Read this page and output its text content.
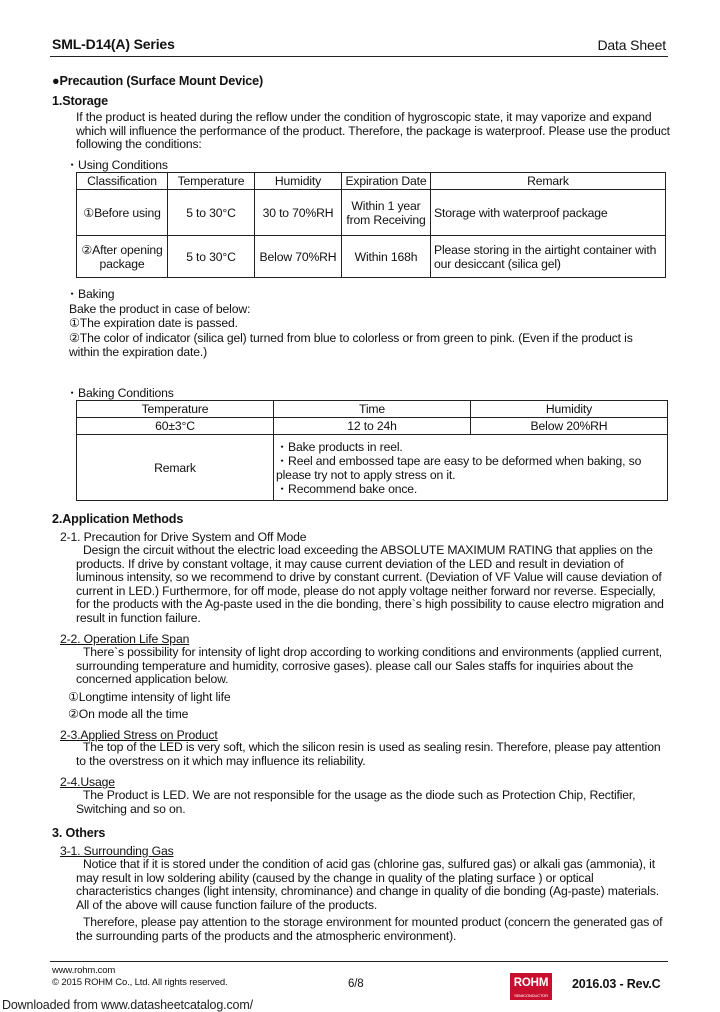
SML-D14(A) Series	Data Sheet
●Precaution (Surface Mount Device)
1.Storage
If the product is heated during the reflow under the condition of hygroscopic state, it may vaporize and expand which will influence the performance of the product. Therefore, the package is waterproof. Please use the product following the conditions:
・Using Conditions
Classification	Temperature	Humidity	Expiration Date	Remark
①Before using	5 to 30°C	30 to 70%RH	Within 1 year from Receiving	Storage with waterproof package
②After opening package	5 to 30°C	Below 70%RH	Within 168h	Please storing in the airtight container with our desiccant (silica gel)
・Baking
Bake the product in case of below:
①The expiration date is passed.
②The color of indicator (silica gel) turned from blue to colorless or from green to pink. (Even if the product is within the expiration date.)
・Baking Conditions
Temperature	Time	Humidity
60±3°C	12 to 24h	Below 20%RH
Remark	・Bake products in reel.
・Reel and embossed tape are easy to be deformed when baking, so please try not to apply stress on it.
・Recommend bake once.	
2.Application Methods
2-1. Precaution for Drive System and Off Mode
Design the circuit without the electric load exceeding the ABSOLUTE MAXIMUM RATING that applies on the products. If drive by constant voltage, it may cause current deviation of the LED and result in deviation of luminous intensity, so we recommend to drive by constant current. (Deviation of VF Value will cause deviation of current in LED.) Furthermore, for off mode, please do not apply voltage neither forward nor reverse. Especially, for the products with the Ag-paste used in the die bonding, there`s high possibility to cause electro migration and result in function failure.
2-2. Operation Life Span
There`s possibility for intensity of light drop according to working conditions and environments (applied current, surrounding temperature and humidity, corrosive gases). please call our Sales staffs for inquiries about the concerned application below.
①Longtime intensity of light life
②On mode all the time
2-3.Applied Stress on Product
The top of the LED is very soft, which the silicon resin is used as sealing resin. Therefore, please pay attention to the overstress on it which may influence its reliability.
2-4.Usage
The Product is LED. We are not responsible for the usage as the diode such as Protection Chip, Rectifier, Switching and so on.
3. Others
3-1. Surrounding Gas
Notice that if it is stored under the condition of acid gas (chlorine gas, sulfured gas) or alkali gas (ammonia), it may result in low soldering ability (caused by the change in quality of the plating surface ) or optical characteristics changes (light intensity, chrominance) and change in quality of die bonding (Ag-paste) materials. All of the above will cause function failure of the products.
Therefore, please pay attention to the storage environment for mounted product (concern the generated gas of the surrounding parts of the products and the atmospheric environment).
www.rohm.com
© 2015 ROHM Co., Ltd. All rights reserved.	6/8	ROHM
SEMICONDUCTOR
2016.03 - Rev.C
Downloaded from www.datasheetcatalog.com/
